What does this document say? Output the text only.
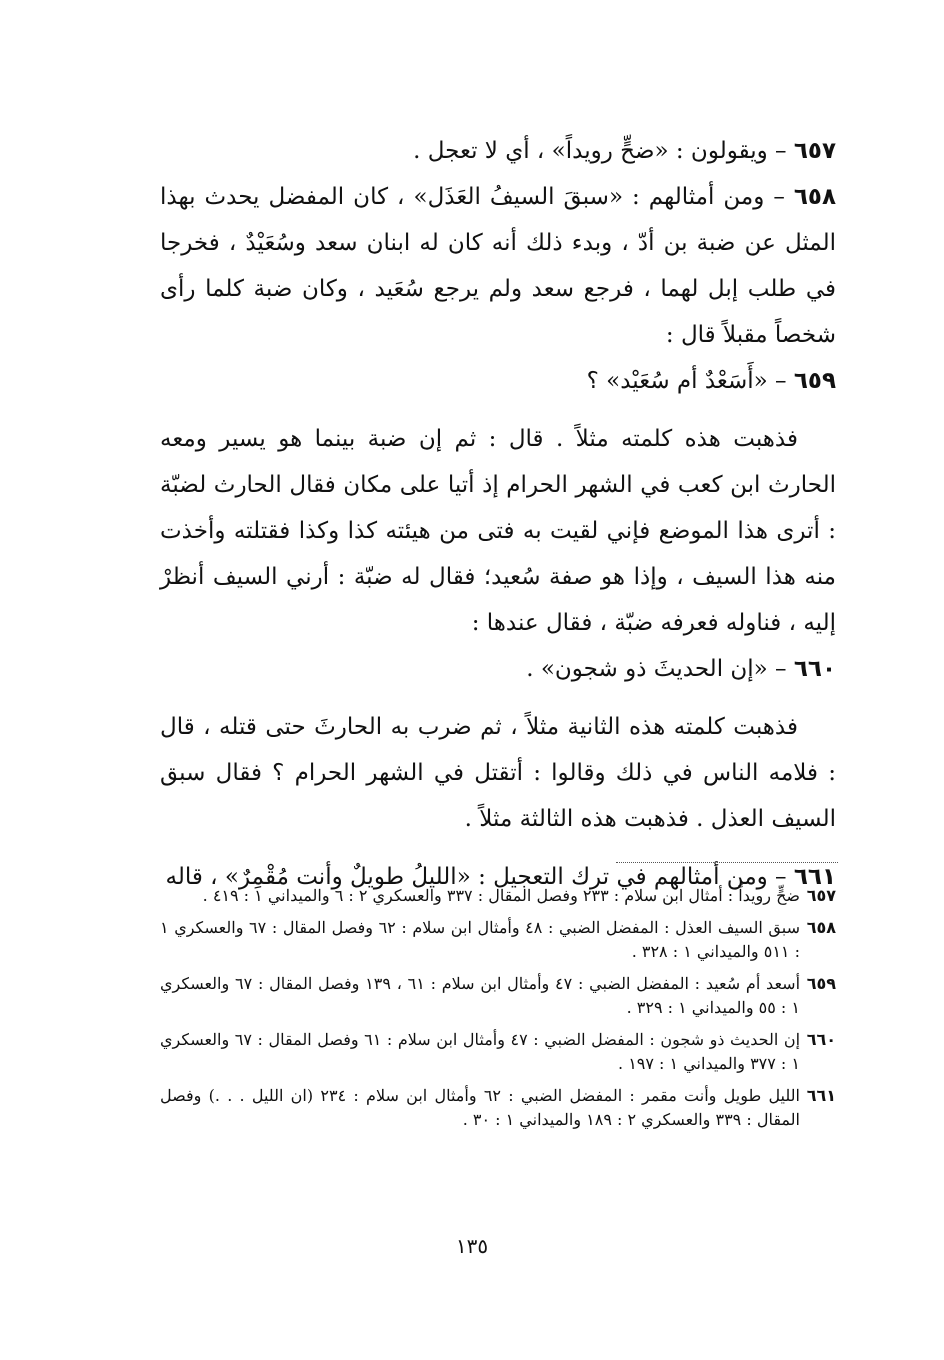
٦٥٧ – ويقولون : «ضحٍّ رويداً» ، أي لا تعجل .

٦٥٨ – ومن أمثالهم : «سبقَ السيفُ العَذَل» ، كان المفضل يحدث بهذا المثل عن ضبة بن أدّ ، وبدء ذلك أنه كان له ابنان سعد وسُعَيْدٌ ، فخرجا في طلب إبل لهما ، فرجع سعد ولم يرجع سُعَيد ، وكان ضبة كلما رأى شخصاً مقبلاً قال :

٦٥٩ – «أَسَعْدٌ أم سُعَيْد» ؟

فذهبت هذه كلمته مثلاً . قال : ثم إن ضبة بينما هو يسير ومعه الحارث ابن كعب في الشهر الحرام إذ أتيا على مكان فقال الحارث لضبّة : أترى هذا الموضع فإني لقيت به فتى من هيئته كذا وكذا فقتلته وأخذت منه هذا السيف ، وإذا هو صفة سُعيد؛ فقال له ضبّة : أرني السيف أنظرْ إليه ، فناوله فعرفه ضبّة ، فقال عندها :

٦٦٠ – «إن الحديثَ ذو شجون» .

فذهبت كلمته هذه الثانية مثلاً ، ثم ضرب به الحارثَ حتى قتله ، قال : فلامه الناس في ذلك وقالوا : أتقتل في الشهر الحرام ؟ فقال سبق السيف العذل . فذهبت هذه الثالثة مثلاً .

٦٦١ – ومن أمثالهم في ترك التعجيل : «الليلُ طويلٌ وأنت مُقْمِرٌ» ، قاله

٦٥٧
ضحٍّ رويداً : أمثال ابن سلام : ٢٣٣ وفصل المقال : ٣٣٧ والعسكري ٢ : ٦ والميداني ١ : ٤١٩ .
٦٥٨
سبق السيف العذل : المفضل الضبي : ٤٨ وأمثال ابن سلام : ٦٢ وفصل المقال : ٦٧ والعسكري ١ : ٥١١ والميداني ١ : ٣٢٨ .
٦٥٩
أسعد أم سُعيد : المفضل الضبي : ٤٧ وأمثال ابن سلام : ٦١ ، ١٣٩ وفصل المقال : ٦٧ والعسكري ١ : ٥٥ والميداني ١ : ٣٢٩ .
٦٦٠
إن الحديث ذو شجون : المفضل الضبي : ٤٧ وأمثال ابن سلام : ٦١ وفصل المقال : ٦٧ والعسكري ١ : ٣٧٧ والميداني ١ : ١٩٧ .
٦٦١
الليل طويل وأنت مقمر : المفضل الضبي : ٦٢ وأمثال ابن سلام : ٢٣٤ (ان الليل . . .) وفصل المقال : ٣٣٩ والعسكري ٢ : ١٨٩ والميداني ١ : ٣٠ .
١٣٥
